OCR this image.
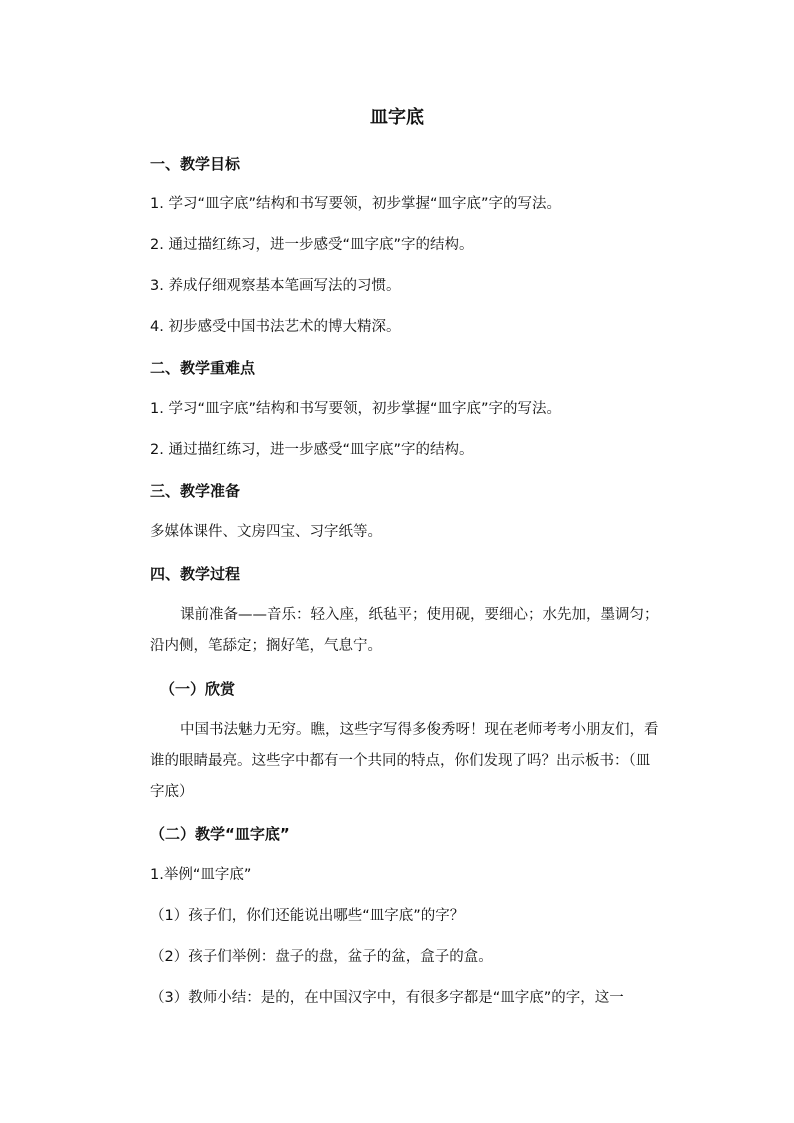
皿字底
一、教学目标
1. 学习“皿字底”结构和书写要领，初步掌握“皿字底”字的写法。
2. 通过描红练习，进一步感受“皿字底”字的结构。
3. 养成仔细观察基本笔画写法的习惯。
4. 初步感受中国书法艺术的博大精深。
二、教学重难点
1. 学习“皿字底”结构和书写要领，初步掌握“皿字底”字的写法。
2. 通过描红练习，进一步感受“皿字底”字的结构。
三、教学准备
多媒体课件、文房四宝、习字纸等。
四、教学过程
课前准备——音乐：轻入座，纸毡平；使用砚，要细心；水先加，墨调匀；
沿内侧，笔舔定；搁好笔，气息宁。
（一）欣赏
中国书法魅力无穷。瞧，这些字写得多俊秀呀！现在老师考考小朋友们，看
谁的眼睛最亮。这些字中都有一个共同的特点，你们发现了吗？出示板书：（皿
字底）
（二）教学“皿字底”
1.举例“皿字底”
（1）孩子们，你们还能说出哪些“皿字底”的字？
（2）孩子们举例：盘子的盘，盆子的盆，盒子的盒。
（3）教师小结：是的，在中国汉字中，有很多字都是“皿字底”的字，这一
